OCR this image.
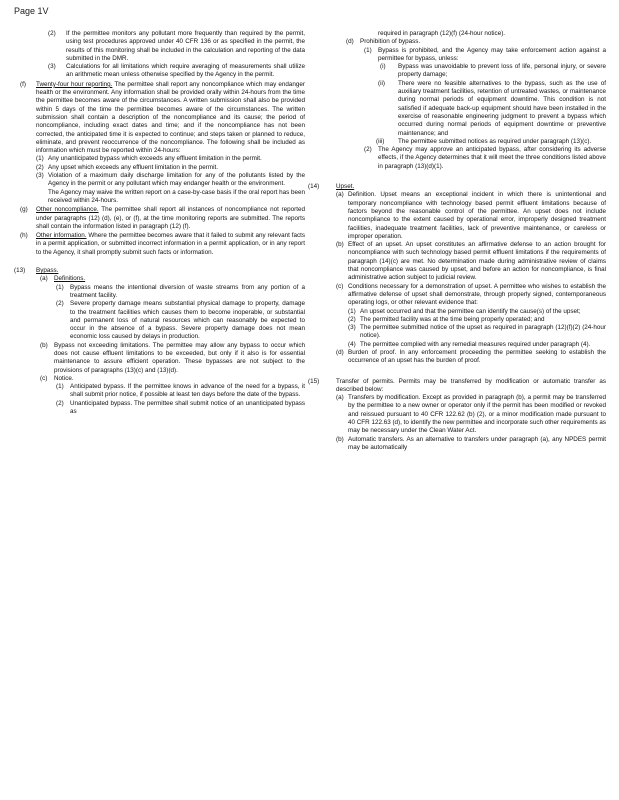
Page 1V
(2) If the permittee monitors any pollutant more frequently than required by the permit, using test procedures approved under 40 CFR 136 or as specified in the permit, the results of this monitoring shall be included in the calculation and reporting of the data submitted in the DMR.
(3) Calculations for all limitations which require averaging of measurements shall utilize an arithmetic mean unless otherwise specified by the Agency in the permit.
(f) Twenty-four hour reporting. The permittee shall report any noncompliance which may endanger health or the environment. Any information shall be provided orally within 24-hours from the time the permittee becomes aware of the circumstances. A written submission shall also be provided within 5 days of the time the permittee becomes aware of the circumstances. The written submission shall contain a description of the noncompliance and its cause; the period of noncompliance, including exact dates and time; and if the noncompliance has not been corrected, the anticipated time it is expected to continue; and steps taken or planned to reduce, eliminate, and prevent reoccurrence of the noncompliance. The following shall be included as information which must be reported within 24-hours:
(1) Any unanticipated bypass which exceeds any effluent limitation in the permit.
(2) Any upset which exceeds any effluent limitation in the permit.
(3) Violation of a maximum daily discharge limitation for any of the pollutants listed by the Agency in the permit or any pollutant which may endanger health or the environment.
The Agency may waive the written report on a case-by-case basis if the oral report has been received within 24-hours.
(g) Other noncompliance. The permittee shall report all instances of noncompliance not reported under paragraphs (12) (d), (e), or (f), at the time monitoring reports are submitted. The reports shall contain the information listed in paragraph (12) (f).
(h) Other information. Where the permittee becomes aware that it failed to submit any relevant facts in a permit application, or submitted incorrect information in a permit application, or in any report to the Agency, it shall promptly submit such facts or information.
(13) Bypass.
(a) Definitions.
(1) Bypass means the intentional diversion of waste streams from any portion of a treatment facility.
(2) Severe property damage means substantial physical damage to property, damage to the treatment facilities which causes them to become inoperable, or substantial and permanent loss of natural resources which can reasonably be expected to occur in the absence of a bypass. Severe property damage does not mean economic loss caused by delays in production.
(b) Bypass not exceeding limitations. The permittee may allow any bypass to occur which does not cause effluent limitations to be exceeded, but only if it also is for essential maintenance to assure efficient operation. These bypasses are not subject to the provisions of paragraphs (13)(c) and (13)(d).
(c) Notice.
(1) Anticipated bypass. If the permittee knows in advance of the need for a bypass, it shall submit prior notice, if possible at least ten days before the date of the bypass.
(2) Unanticipated bypass. The permittee shall submit notice of an unanticipated bypass as
required in paragraph (12)(f) (24-hour notice).
(d) Prohibition of bypass.
(1) Bypass is prohibited, and the Agency may take enforcement action against a permittee for bypass, unless:
(i) Bypass was unavoidable to prevent loss of life, personal injury, or severe property damage;
(ii) There were no feasible alternatives to the bypass, such as the use of auxiliary treatment facilities, retention of untreated wastes, or maintenance during normal periods of equipment downtime. This condition is not satisfied if adequate back-up equipment should have been installed in the exercise of reasonable engineering judgment to prevent a bypass which occurred during normal periods of equipment downtime or preventive maintenance; and
(iii) The permittee submitted notices as required under paragraph (13)(c).
(2) The Agency may approve an anticipated bypass, after considering its adverse effects, if the Agency determines that it will meet the three conditions listed above in paragraph (13)(d)(1).
(14)	Upset.
(a) Definition. Upset means an exceptional incident in which there is unintentional and temporary noncompliance with technology based permit effluent limitations because of factors beyond the reasonable control of the permittee. An upset does not include noncompliance to the extent caused by operational error, improperly designed treatment facilities, inadequate treatment facilities, lack of preventive maintenance, or careless or improper operation.
(b) Effect of an upset. An upset constitutes an affirmative defense to an action brought for noncompliance with such technology based permit effluent limitations if the requirements of paragraph (14)(c) are met. No determination made during administrative review of claims that noncompliance was caused by upset, and before an action for noncompliance, is final administrative action subject to judicial review.
(c) Conditions necessary for a demonstration of upset. A permittee who wishes to establish the affirmative defense of upset shall demonstrate, through properly signed, contemporaneous operating logs, or other relevant evidence that:
(1) An upset occurred and that the permittee can identify the cause(s) of the upset;
(2) The permitted facility was at the time being properly operated; and
(3) The permittee submitted notice of the upset as required in paragraph (12)(f)(2) (24-hour notice).
(4) The permittee complied with any remedial measures required under paragraph (4).
(d) Burden of proof. In any enforcement proceeding the permittee seeking to establish the occurrence of an upset has the burden of proof.
(15)	Transfer of permits. Permits may be transferred by modification or automatic transfer as described below:
(a) Transfers by modification. Except as provided in paragraph (b), a permit may be transferred by the permittee to a new owner or operator only if the permit has been modified or revoked and reissued pursuant to 40 CFR 122.62 (b) (2), or a minor modification made pursuant to 40 CFR 122.63 (d), to identify the new permittee and incorporate such other requirements as may be necessary under the Clean Water Act.
(b) Automatic transfers. As an alternative to transfers under paragraph (a), any NPDES permit may be automatically
